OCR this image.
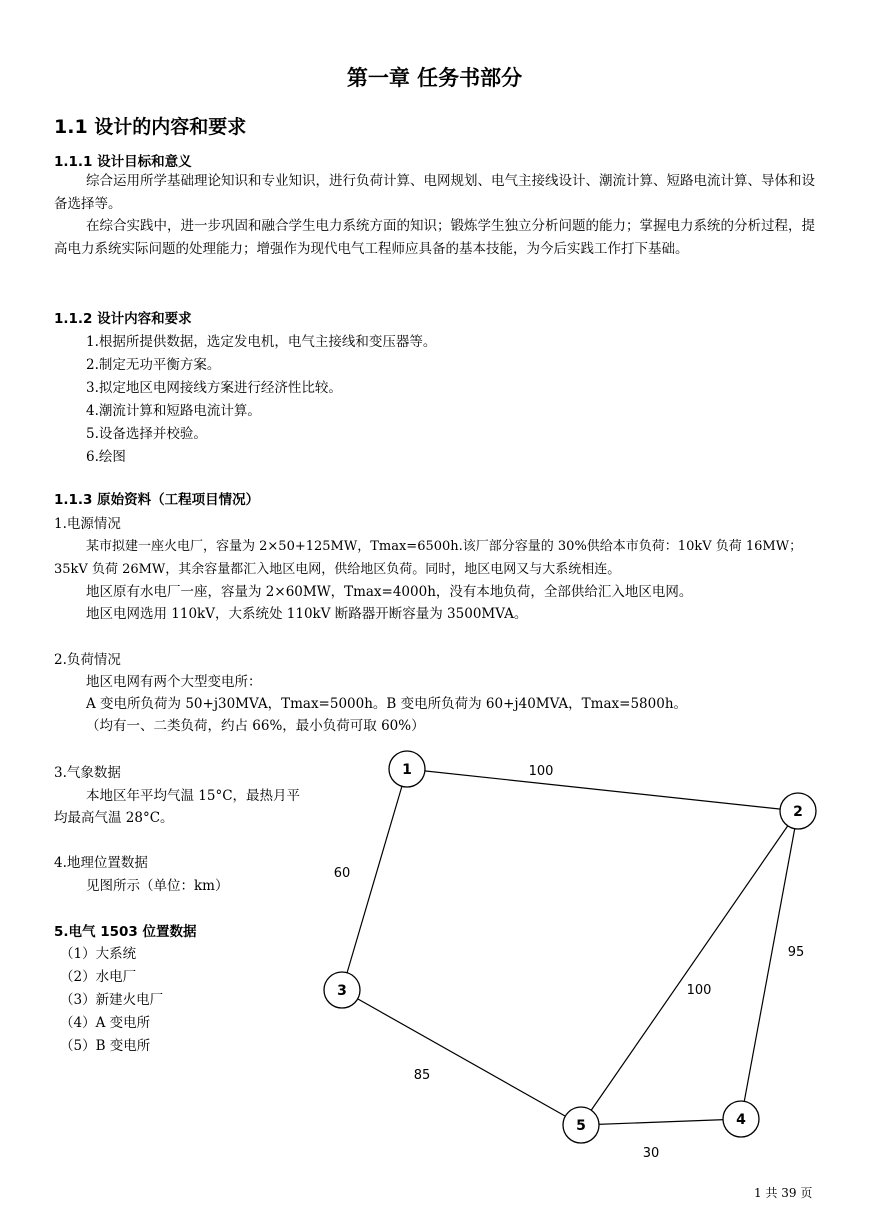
第一章 任务书部分
1.1 设计的内容和要求
1.1.1 设计目标和意义
综合运用所学基础理论知识和专业知识，进行负荷计算、电网规划、电气主接线设计、潮流计算、短路电流计算、导体和设备选择等。
在综合实践中，进一步巩固和融合学生电力系统方面的知识；锻炼学生独立分析问题的能力；掌握电力系统的分析过程，提高电力系统实际问题的处理能力；增强作为现代电气工程师应具备的基本技能，为今后实践工作打下基础。
1.1.2 设计内容和要求
1.根据所提供数据，选定发电机，电气主接线和变压器等。
2.制定无功平衡方案。
3.拟定地区电网接线方案进行经济性比较。
4.潮流计算和短路电流计算。
5.设备选择并校验。
6.绘图
1.1.3 原始资料（工程项目情况）
1.电源情况
某市拟建一座火电厂，容量为 2×50+125MW，Tmax=6500h.该厂部分容量的 30%供给本市负荷：10kV 负荷 16MW；
35kV 负荷 26MW，其余容量都汇入地区电网，供给地区负荷。同时，地区电网又与大系统相连。
地区原有水电厂一座，容量为 2×60MW，Tmax=4000h，没有本地负荷，全部供给汇入地区电网。
地区电网选用 110kV，大系统处 110kV 断路器开断容量为 3500MVA。
2.负荷情况
地区电网有两个大型变电所：
A 变电所负荷为 50+j30MVA，Tmax=5000h。B 变电所负荷为 60+j40MVA，Tmax=5800h。
（均有一、二类负荷，约占 66%，最小负荷可取 60%）
3.气象数据
本地区年平均气温 15°C，最热月平
均最高气温 28°C。
4.地理位置数据
见图所示（单位：km）
5.电气 1503 位置数据
（1）大系统
（2）水电厂
（3）新建火电厂
（4）A 变电所
（5）B 变电所
1
2
3
4
5
100
60
95
100
85
30
1 共 39 页
